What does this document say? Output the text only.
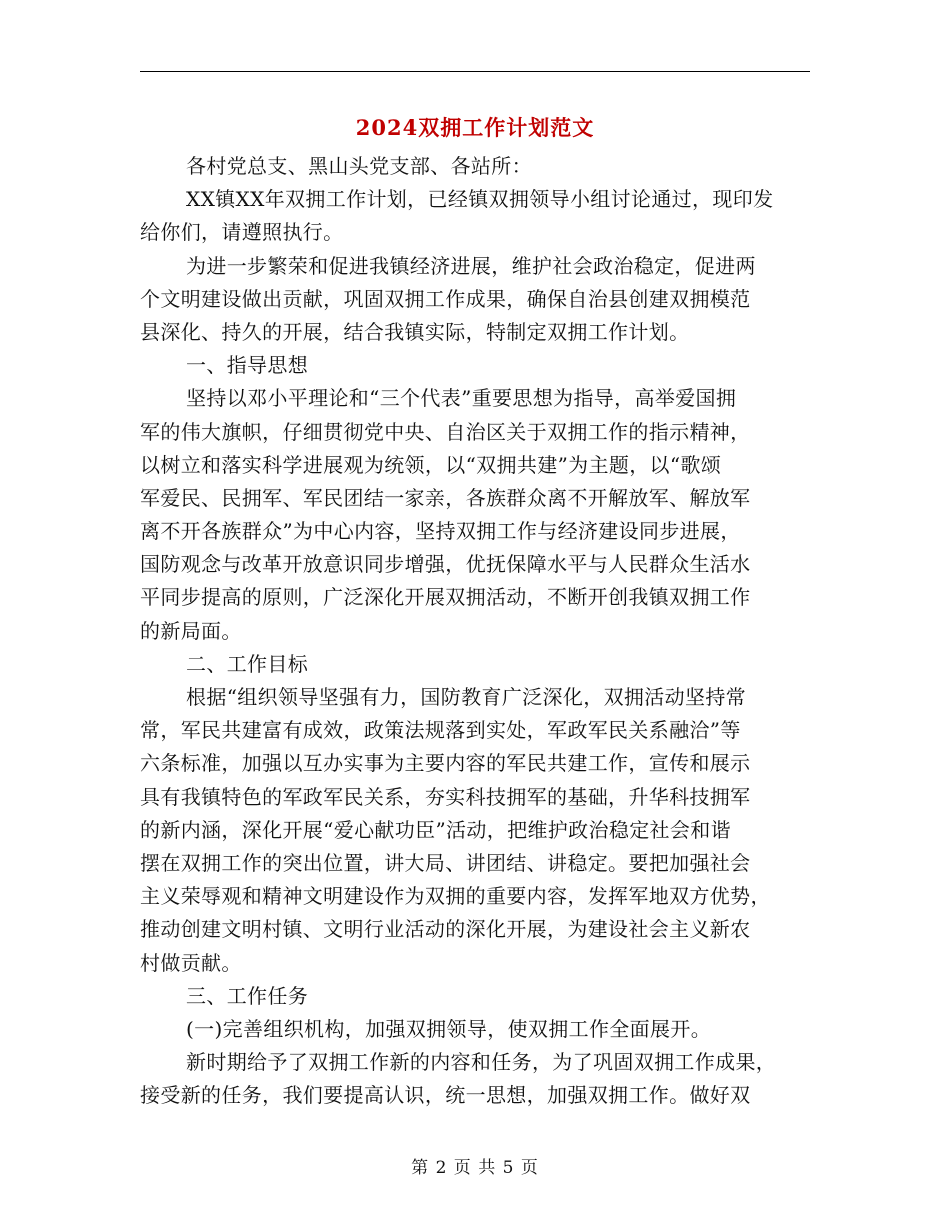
2024双拥工作计划范文
各村党总支、黑山头党支部、各站所：
XX镇XX年双拥工作计划，已经镇双拥领导小组讨论通过，现印发
给你们，请遵照执行。
为进一步繁荣和促进我镇经济进展，维护社会政治稳定，促进两
个文明建设做出贡献，巩固双拥工作成果，确保自治县创建双拥模范
县深化、持久的开展，结合我镇实际，特制定双拥工作计划。
一、指导思想
坚持以邓小平理论和“三个代表”重要思想为指导，高举爱国拥
军的伟大旗帜，仔细贯彻党中央、自治区关于双拥工作的指示精神，
以树立和落实科学进展观为统领，以“双拥共建”为主题，以“歌颂
军爱民、民拥军、军民团结一家亲，各族群众离不开解放军、解放军
离不开各族群众”为中心内容，坚持双拥工作与经济建设同步进展，
国防观念与改革开放意识同步增强，优抚保障水平与人民群众生活水
平同步提高的原则，广泛深化开展双拥活动，不断开创我镇双拥工作
的新局面。
二、工作目标
根据“组织领导坚强有力，国防教育广泛深化，双拥活动坚持常
常，军民共建富有成效，政策法规落到实处，军政军民关系融洽”等
六条标准，加强以互办实事为主要内容的军民共建工作，宣传和展示
具有我镇特色的军政军民关系，夯实科技拥军的基础，升华科技拥军
的新内涵，深化开展“爱心献功臣”活动，把维护政治稳定社会和谐
摆在双拥工作的突出位置，讲大局、讲团结、讲稳定。要把加强社会
主义荣辱观和精神文明建设作为双拥的重要内容，发挥军地双方优势，
推动创建文明村镇、文明行业活动的深化开展，为建设社会主义新农
村做贡献。
三、工作任务
(一)完善组织机构，加强双拥领导，使双拥工作全面展开。
新时期给予了双拥工作新的内容和任务，为了巩固双拥工作成果，
接受新的任务，我们要提高认识，统一思想，加强双拥工作。做好双
第 2 页 共 5 页
